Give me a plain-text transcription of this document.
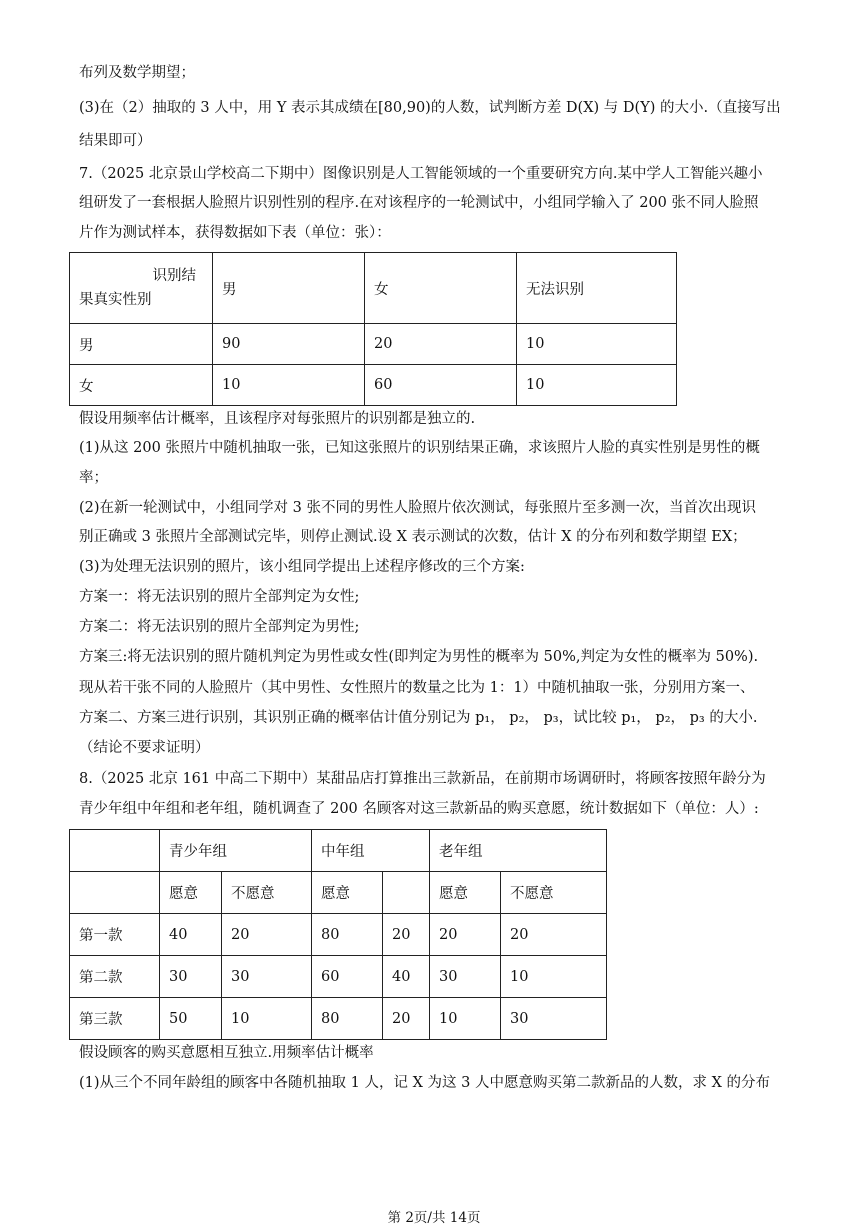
布列及数学期望；
(3)在（2）抽取的 3 人中，用 Y 表示其成绩在[80,90)的人数，试判断方差 D(X) 与 D(Y) 的大小.（直接写出
结果即可）
7.（2025 北京景山学校高二下期中）图像识别是人工智能领域的一个重要研究方向.某中学人工智能兴趣小
组研发了一套根据人脸照片识别性别的程序.在对该程序的一轮测试中，小组同学输入了 200 张不同人脸照
片作为测试样本，获得数据如下表（单位：张）：
识别结
果真实性别	男	女	无法识别
男	90	20	10
女	10	60	10
假设用频率估计概率，且该程序对每张照片的识别都是独立的.
(1)从这 200 张照片中随机抽取一张，已知这张照片的识别结果正确，求该照片人脸的真实性别是男性的概
率；
(2)在新一轮测试中，小组同学对 3 张不同的男性人脸照片依次测试，每张照片至多测一次，当首次出现识
别正确或 3 张照片全部测试完毕，则停止测试.设 X 表示测试的次数，估计 X 的分布列和数学期望 EX；
(3)为处理无法识别的照片，该小组同学提出上述程序修改的三个方案:
方案一：将无法识别的照片全部判定为女性;
方案二：将无法识别的照片全部判定为男性;
方案三:将无法识别的照片随机判定为男性或女性(即判定为男性的概率为 50%,判定为女性的概率为 50%).
现从若干张不同的人脸照片（其中男性、女性照片的数量之比为 1：1）中随机抽取一张，分别用方案一、
方案二、方案三进行识别，其识别正确的概率估计值分别记为 p₁， p₂， p₃，试比较 p₁， p₂， p₃ 的大小.
（结论不要求证明）
8.（2025 北京 161 中高二下期中）某甜品店打算推出三款新品，在前期市场调研时，将顾客按照年龄分为
青少年组中年组和老年组，随机调查了 200 名顾客对这三款新品的购买意愿，统计数据如下（单位：人）:
	青少年组		中年组		老年组	
	愿意	不愿意	愿意		愿意	不愿意
第一款	40	20	80	20	20	20
第二款	30	30	60	40	30	10
第三款	50	10	80	20	10	30
假设顾客的购买意愿相互独立.用频率估计概率
(1)从三个不同年龄组的顾客中各随机抽取 1 人，记 X 为这 3 人中愿意购买第二款新品的人数，求 X 的分布
第 2页/共 14页
